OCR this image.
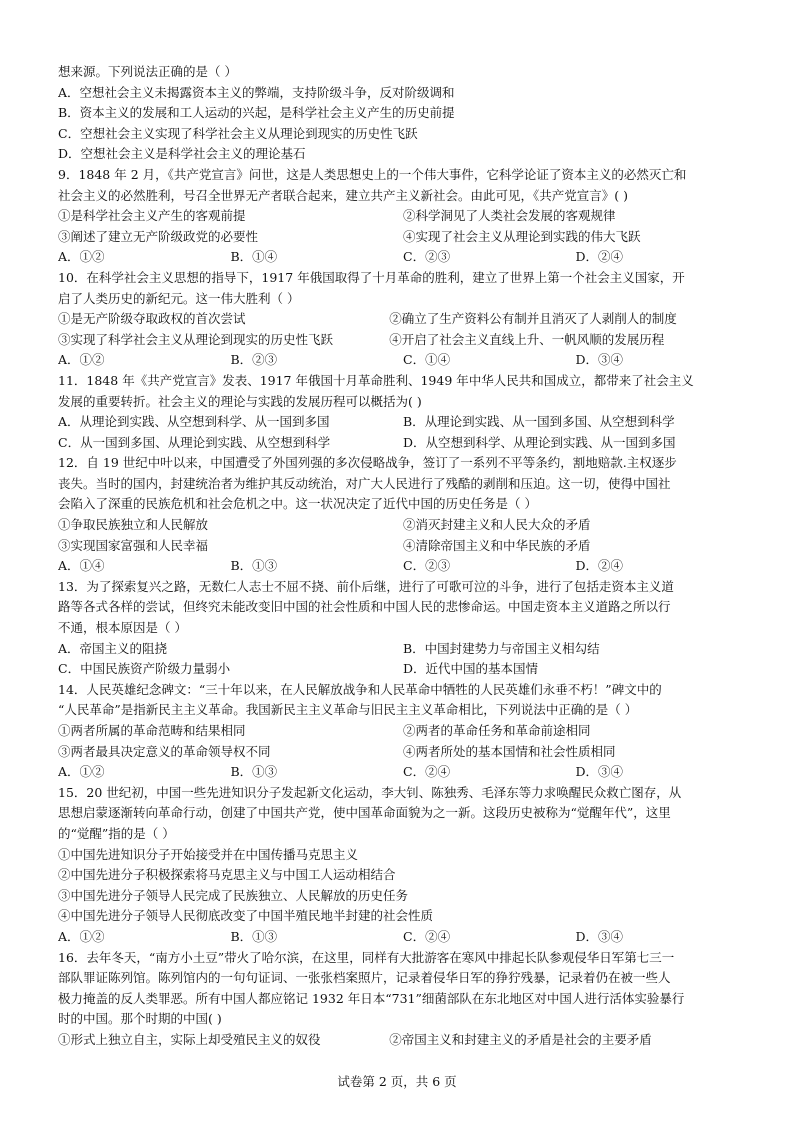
想来源。下列说法正确的是（ ）
A．空想社会主义未揭露资本主义的弊端，支持阶级斗争，反对阶级调和
B．资本主义的发展和工人运动的兴起，是科学社会主义产生的历史前提
C．空想社会主义实现了科学社会主义从理论到现实的历史性飞跃
D．空想社会主义是科学社会主义的理论基石
9．1848 年 2 月，《共产党宣言》问世，这是人类思想史上的一个伟大事件，它科学论证了资本主义的必然灭亡和
社会主义的必然胜利，号召全世界无产者联合起来，建立共产主义新社会。由此可见，《共产党宣言》( )
①是科学社会主义产生的客观前提	②科学洞见了人类社会发展的客观规律
③阐述了建立无产阶级政党的必要性	④实现了社会主义从理论到实践的伟大飞跃
A．①②	B．①④	C．②③	D．②④
10．在科学社会主义思想的指导下，1917 年俄国取得了十月革命的胜利，建立了世界上第一个社会主义国家，开
启了人类历史的新纪元。这一伟大胜利（ ）
①是无产阶级夺取政权的首次尝试	②确立了生产资料公有制并且消灭了人剥削人的制度
③实现了科学社会主义从理论到现实的历史性飞跃	④开启了社会主义直线上升、一帆风顺的发展历程
A．①②	B．②③	C．①④	D．③④
11．1848 年《共产党宣言》发表、1917 年俄国十月革命胜利、1949 年中华人民共和国成立，都带来了社会主义
发展的重要转折。社会主义的理论与实践的发展历程可以概括为( )
A．从理论到实践、从空想到科学、从一国到多国	B．从理论到实践、从一国到多国、从空想到科学
C．从一国到多国、从理论到实践、从空想到科学	D．从空想到科学、从理论到实践、从一国到多国
12．自 19 世纪中叶以来，中国遭受了外国列强的多次侵略战争，签订了一系列不平等条约，割地赔款.主权逐步
丧失。当时的国内，封建统治者为维护其反动统治，对广大人民进行了残酷的剥削和压迫。这一切，使得中国社
会陷入了深重的民族危机和社会危机之中。这一状况决定了近代中国的历史任务是（ ）
①争取民族独立和人民解放	②消灭封建主义和人民大众的矛盾
③实现国家富强和人民幸福	④清除帝国主义和中华民族的矛盾
A．①④	B．①③	C．②③	D．②④
13．为了探索复兴之路，无数仁人志士不屈不挠、前仆后继，进行了可歌可泣的斗争，进行了包括走资本主义道
路等各式各样的尝试，但终究未能改变旧中国的社会性质和中国人民的悲惨命运。中国走资本主义道路之所以行
不通，根本原因是（ ）
A．帝国主义的阻挠	B．中国封建势力与帝国主义相勾结
C．中国民族资产阶级力量弱小	D．近代中国的基本国情
14．人民英雄纪念碑文：“三十年以来，在人民解放战争和人民革命中牺牲的人民英雄们永垂不朽！”碑文中的
“人民革命”是指新民主主义革命。我国新民主主义革命与旧民主主义革命相比，下列说法中正确的是（ ）
①两者所属的革命范畴和结果相同	②两者的革命任务和革命前途相同
③两者最具决定意义的革命领导权不同	④两者所处的基本国情和社会性质相同
A．①②	B．①③	C．②④	D．③④
15．20 世纪初，中国一些先进知识分子发起新文化运动，李大钊、陈独秀、毛泽东等力求唤醒民众救亡图存，从
思想启蒙逐渐转向革命行动，创建了中国共产党，使中国革命面貌为之一新。这段历史被称为“觉醒年代”，这里
的“觉醒”指的是（ ）
①中国先进知识分子开始接受并在中国传播马克思主义
②中国先进分子积极探索将马克思主义与中国工人运动相结合
③中国先进分子领导人民完成了民族独立、人民解放的历史任务
④中国先进分子领导人民彻底改变了中国半殖民地半封建的社会性质
A．①②	B．①③	C．②④	D．③④
16．去年冬天，“南方小土豆”带火了哈尔滨，在这里，同样有大批游客在寒风中排起长队参观侵华日军第七三一
部队罪证陈列馆。陈列馆内的一句句证词、一张张档案照片，记录着侵华日军的狰狞残暴，记录着仍在被一些人
极力掩盖的反人类罪恶。所有中国人都应铭记 1932 年日本“731”细菌部队在东北地区对中国人进行活体实验暴行
时的中国。那个时期的中国( )
①形式上独立自主，实际上却受殖民主义的奴役	②帝国主义和封建主义的矛盾是社会的主要矛盾
试卷第 2 页，共 6 页
